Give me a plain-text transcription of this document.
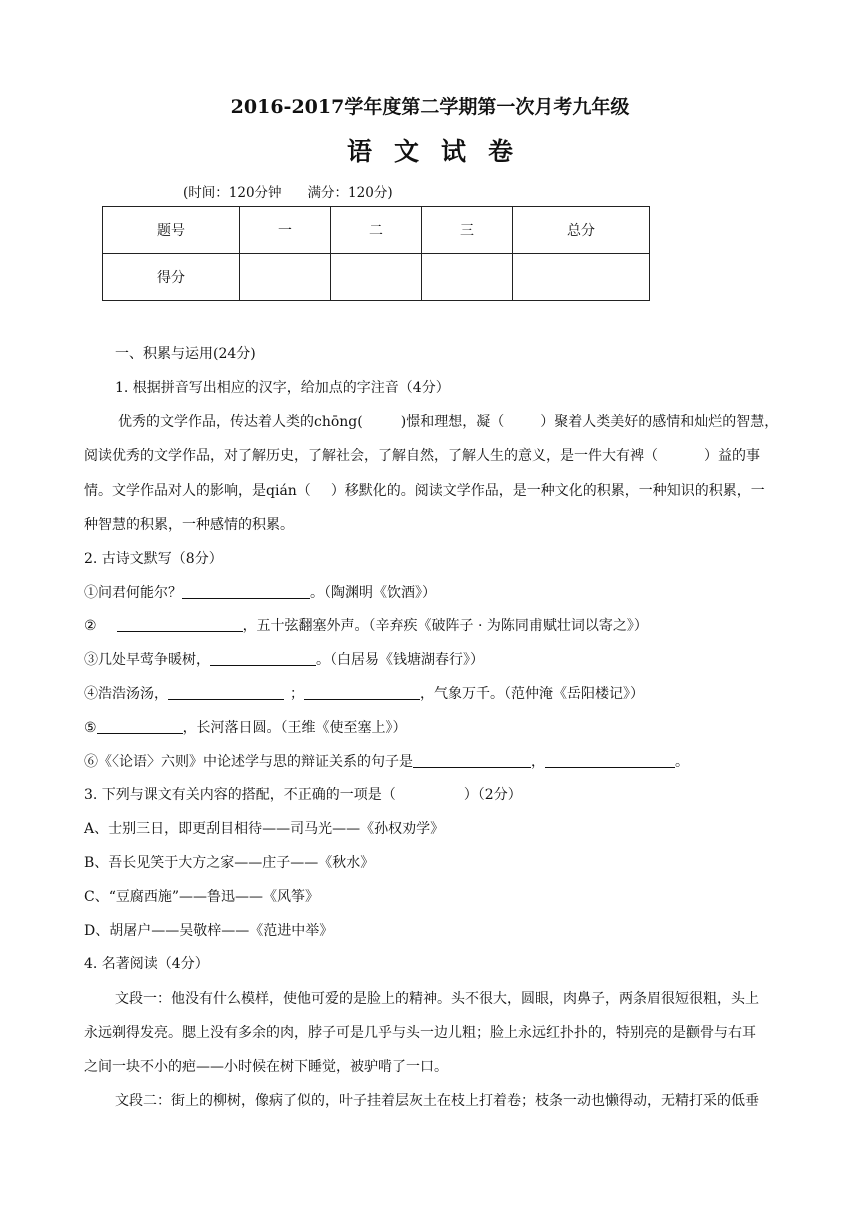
2016-2017学年度第二学期第一次月考九年级
语文试卷
(时间：120分钟 满分：120分)
题号	一	二	三	总分
得分				
一、积累与运用(24分)
1. 根据拼音写出相应的汉字，给加点的字注音（4分）
优秀的文学作品，传达着人类的chōng(	)憬和理想，凝（	）聚着人类美好的感情和灿烂的智慧，
阅读优秀的文学作品，对了解历史，了解社会，了解自然，了解人生的意义，是一件大有裨（	）益的事
情。文学作品对人的影响，是qián（ ）移默化的。阅读文学作品，是一种文化的积累，一种知识的积累，一
种智慧的积累，一种感情的积累。
2. 古诗文默写（8分）
①问君何能尔？	。（陶渊明《饮酒》）
②	，五十弦翻塞外声。（辛弃疾《破阵子 · 为陈同甫赋壮词以寄之》）
③几处早莺争暖树，	。（白居易《钱塘湖春行》）
④浩浩汤汤，	；	，气象万千。（范仲淹《岳阳楼记》）
⑤	，长河落日圆。（王维《使至塞上》）
⑥《〈论语〉六则》中论述学与思的辩证关系的句子是	，	。
3. 下列与课文有关内容的搭配，不正确的一项是（	）（2分）
A、士别三日，即更刮目相待——司马光——《孙权劝学》
B、吾长见笑于大方之家——庄子——《秋水》
C、“豆腐西施”——鲁迅——《风筝》
D、胡屠户——吴敬梓——《范进中举》
4. 名著阅读（4分）
文段一：他没有什么模样，使他可爱的是脸上的精神。头不很大，圆眼，肉鼻子，两条眉很短很粗，头上
永远剃得发亮。腮上没有多余的肉，脖子可是几乎与头一边儿粗；脸上永远红扑扑的，特别亮的是颧骨与右耳
之间一块不小的疤——小时候在树下睡觉，被驴啃了一口。
文段二：街上的柳树，像病了似的，叶子挂着层灰土在枝上打着卷；枝条一动也懒得动，无精打采的低垂
